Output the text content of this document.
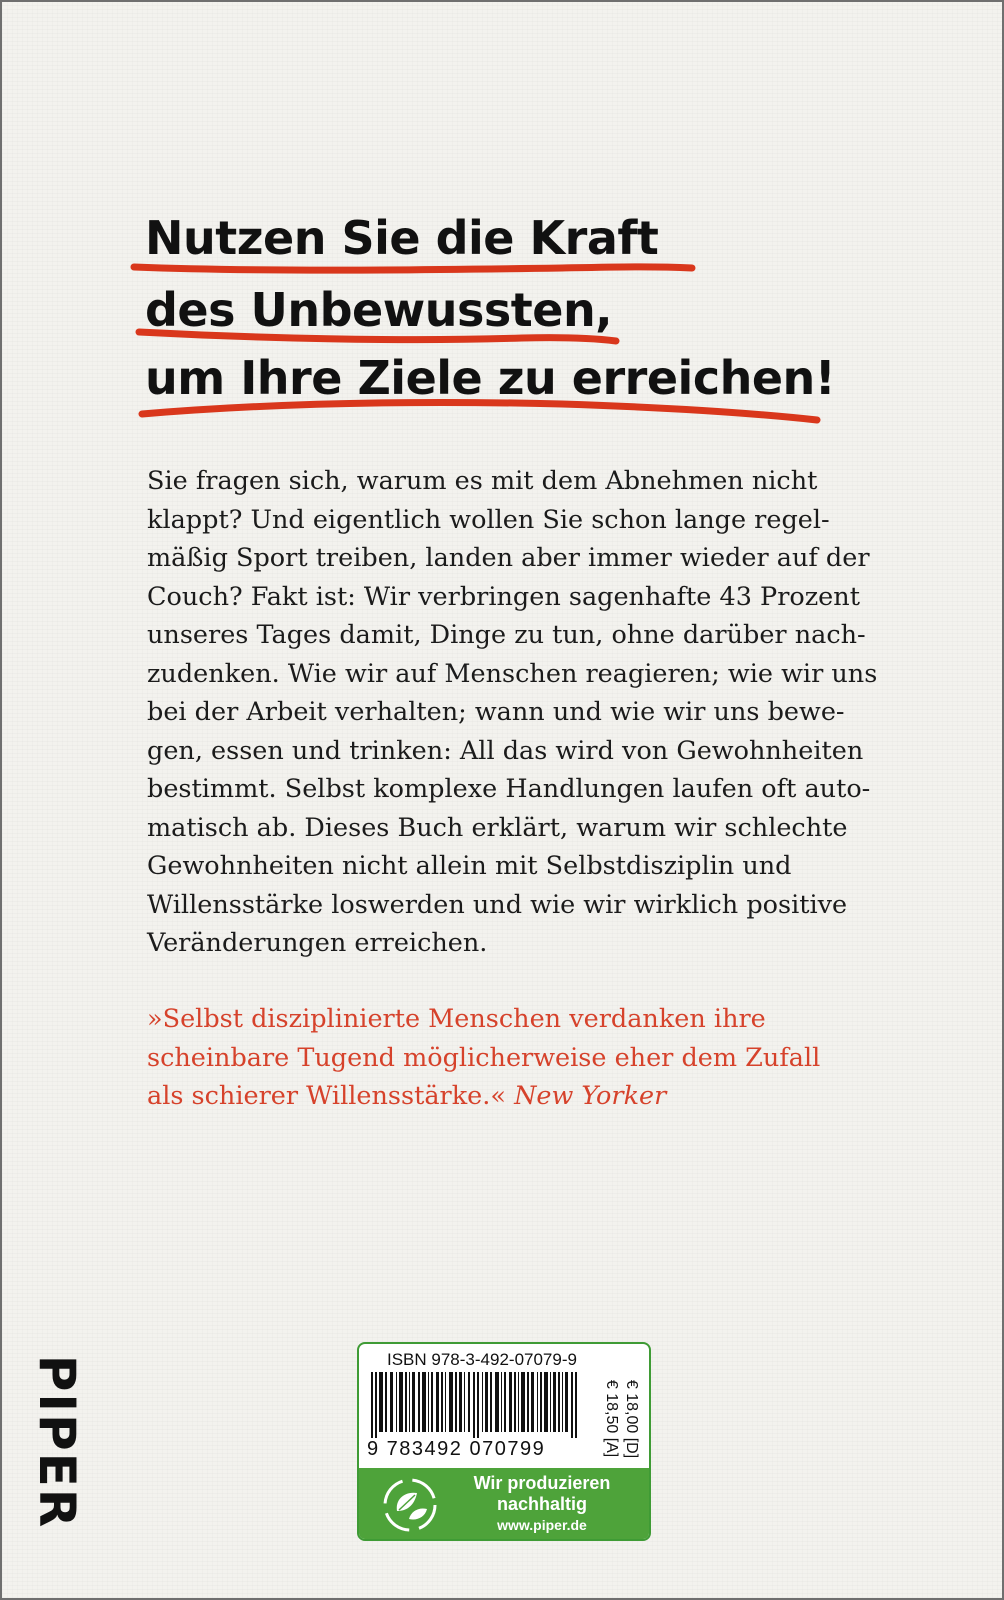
Nutzen Sie die Kraft
des Unbewussten,
um Ihre Ziele zu erreichen!
Sie fragen sich, warum es mit dem Abnehmen nicht
klappt? Und eigentlich wollen Sie schon lange regel-
mäßig Sport treiben, landen aber immer wieder auf der
Couch? Fakt ist: Wir verbringen sagenhafte 43 Prozent
unseres Tages damit, Dinge zu tun, ohne darüber nach-
zudenken. Wie wir auf Menschen reagieren; wie wir uns
bei der Arbeit verhalten; wann und wie wir uns bewe-
gen, essen und trinken: All das wird von Gewohnheiten
bestimmt. Selbst komplexe Handlungen laufen oft auto-
matisch ab. Dieses Buch erklärt, warum wir schlechte
Gewohnheiten nicht allein mit Selbstdisziplin und
Willensstärke loswerden und wie wir wirklich positive
Veränderungen erreichen.
»Selbst disziplinierte Menschen verdanken ihre
scheinbare Tugend möglicherweise eher dem Zufall
als schierer Willensstärke.« New Yorker
PIPER	ISBN 978-3-492-07079-9
9 783492 070799	€ 18,00 [D]
€ 18,50 [A]
Wir produzieren
nachhaltig
www.piper.de
